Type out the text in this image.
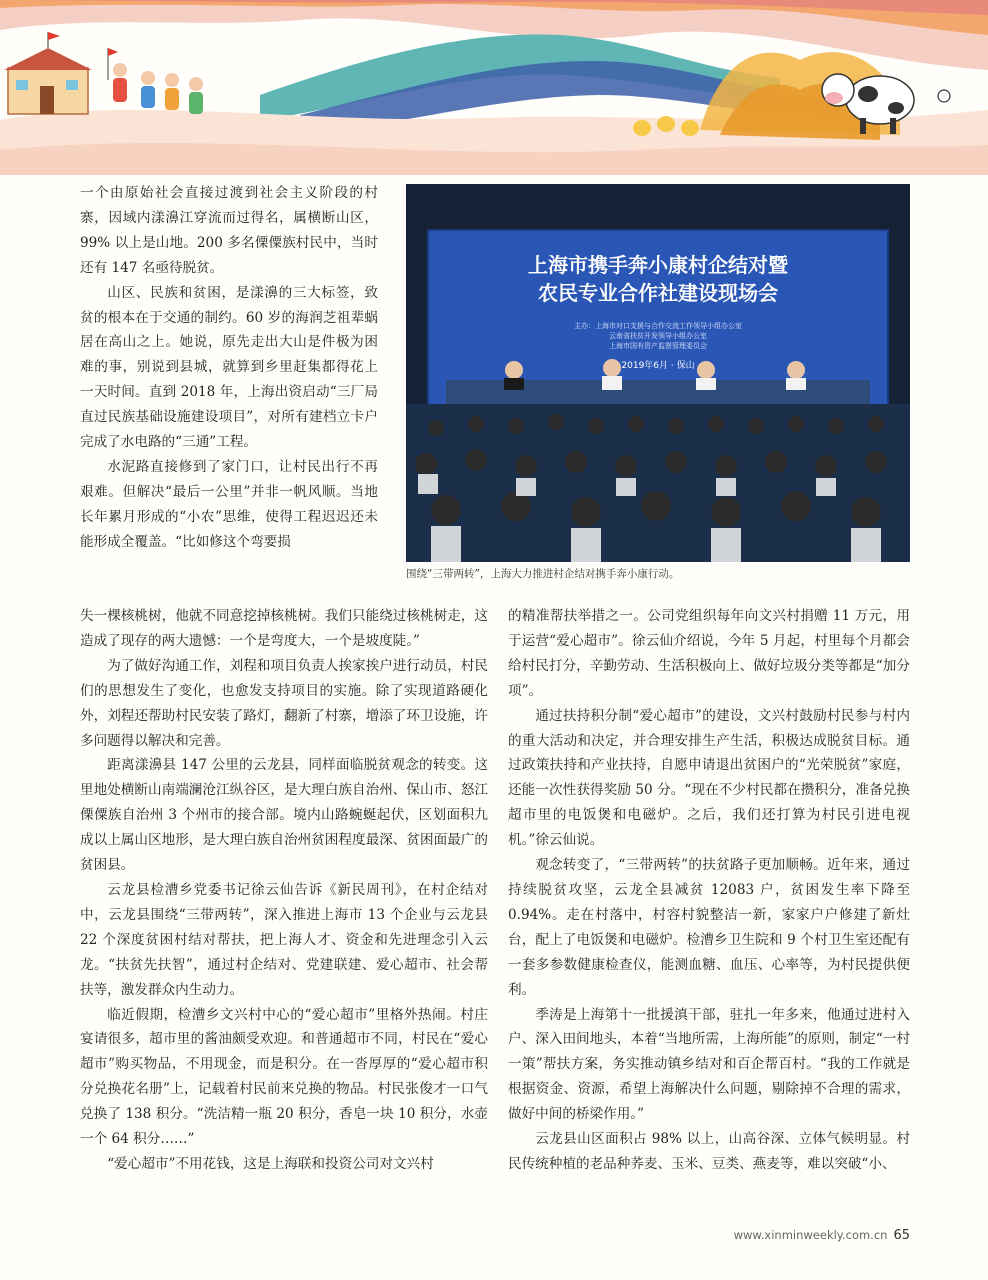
上海市携手奔小康村企结对暨
农民专业合作社建设现场会
主办：上海市对口支援与合作交流工作领导小组办公室
云南省扶贫开发领导小组办公室
上海市国有资产监督管理委员会
2019年6月 · 保山
围绕“三带两转”，上海大力推进村企结对携手奔小康行动。

一个由原始社会直接过渡到社会主义阶段的村寨，因域内漾濞江穿流而过得名，属横断山区，99% 以上是山地。200 多名傈僳族村民中，当时还有 147 名亟待脱贫。

山区、民族和贫困，是漾濞的三大标签，致贫的根本在于交通的制约。60 岁的海润芝祖辈蜗居在高山之上。她说，原先走出大山是件极为困难的事，别说到县城，就算到乡里赶集都得花上一天时间。直到 2018 年，上海出资启动“三厂局直过民族基础设施建设项目”，对所有建档立卡户完成了水电路的“三通”工程。

水泥路直接修到了家门口，让村民出行不再艰难。但解决“最后一公里”并非一帆风顺。当地长年累月形成的“小农”思维，使得工程迟迟还未能形成全覆盖。“比如修这个弯要损

失一棵核桃树，他就不同意挖掉核桃树。我们只能绕过核桃树走，这造成了现存的两大遗憾：一个是弯度大，一个是坡度陡。”

为了做好沟通工作，刘程和项目负责人挨家挨户进行动员，村民们的思想发生了变化，也愈发支持项目的实施。除了实现道路硬化外，刘程还帮助村民安装了路灯，翻新了村寨，增添了环卫设施，许多问题得以解决和完善。

距离漾濞县 147 公里的云龙县，同样面临脱贫观念的转变。这里地处横断山南端澜沧江纵谷区，是大理白族自治州、保山市、怒江傈僳族自治州 3 个州市的接合部。境内山路蜿蜒起伏，区划面积九成以上属山区地形，是大理白族自治州贫困程度最深、贫困面最广的贫困县。

云龙县检漕乡党委书记徐云仙告诉《新民周刊》，在村企结对中，云龙县围绕“三带两转”，深入推进上海市 13 个企业与云龙县 22 个深度贫困村结对帮扶，把上海人才、资金和先进理念引入云龙。“扶贫先扶智”，通过村企结对、党建联建、爱心超市、社会帮扶等，激发群众内生动力。

临近假期，检漕乡文兴村中心的“爱心超市”里格外热闹。村庄宴请很多，超市里的酱油颇受欢迎。和普通超市不同，村民在“爱心超市”购买物品，不用现金，而是积分。在一沓厚厚的“爱心超市积分兑换花名册”上，记载着村民前来兑换的物品。村民张俊才一口气兑换了 138 积分。“洗洁精一瓶 20 积分，香皂一块 10 积分，水壶一个 64 积分……”

“爱心超市”不用花钱，这是上海联和投资公司对文兴村

的精准帮扶举措之一。公司党组织每年向文兴村捐赠 11 万元，用于运营“爱心超市”。徐云仙介绍说，今年 5 月起，村里每个月都会给村民打分，辛勤劳动、生活积极向上、做好垃圾分类等都是“加分项”。

通过扶持积分制“爱心超市”的建设，文兴村鼓励村民参与村内的重大活动和决定，并合理安排生产生活，积极达成脱贫目标。通过政策扶持和产业扶持，自愿申请退出贫困户的“光荣脱贫”家庭，还能一次性获得奖励 50 分。“现在不少村民都在攒积分，准备兑换超市里的电饭煲和电磁炉。之后，我们还打算为村民引进电视机。”徐云仙说。

观念转变了，“三带两转”的扶贫路子更加顺畅。近年来，通过持续脱贫攻坚，云龙全县减贫 12083 户，贫困发生率下降至 0.94%。走在村落中，村容村貌整洁一新，家家户户修建了新灶台，配上了电饭煲和电磁炉。检漕乡卫生院和 9 个村卫生室还配有一套多参数健康检查仪，能测血糖、血压、心率等，为村民提供便利。

季涛是上海第十一批援滇干部，驻扎一年多来，他通过进村入户、深入田间地头，本着“当地所需，上海所能”的原则，制定“一村一策”帮扶方案，务实推动镇乡结对和百企帮百村。“我的工作就是根据资金、资源，希望上海解决什么问题，剔除掉不合理的需求，做好中间的桥梁作用。”

云龙县山区面积占 98% 以上，山高谷深、立体气候明显。村民传统种植的老品种荞麦、玉米、豆类、燕麦等，难以突破“小、

www.xinminweekly.com.cn 65
